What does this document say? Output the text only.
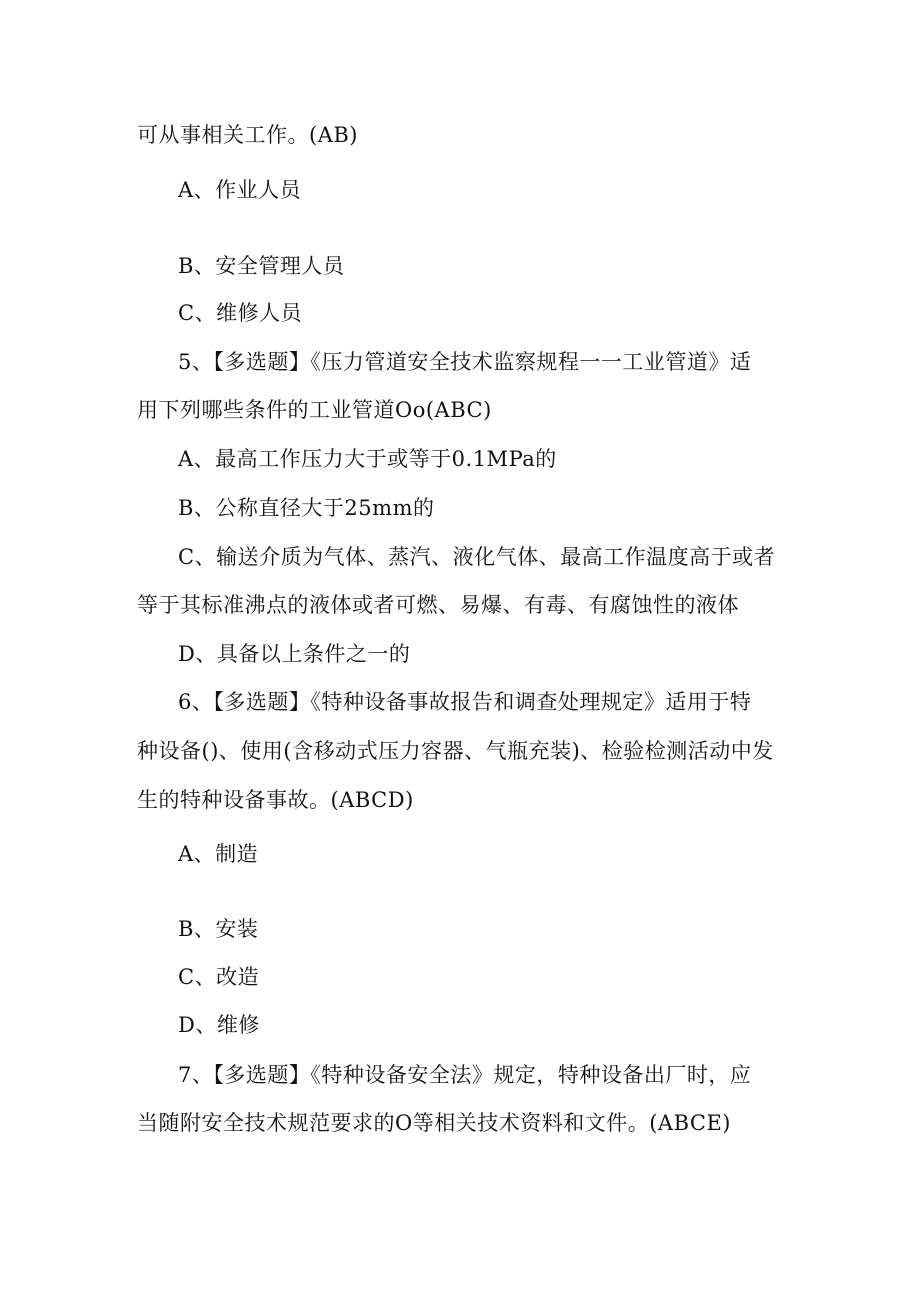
可从事相关工作。(AB)
A、作业人员
B、安全管理人员
C、维修人员
5、【多选题】《压力管道安全技术监察规程一一工业管道》适
用下列哪些条件的工业管道Oo(ABC)
A、最高工作压力大于或等于0.1MPa的
B、公称直径大于25mm的
C、输送介质为气体、蒸汽、液化气体、最高工作温度高于或者
等于其标准沸点的液体或者可燃、易爆、有毒、有腐蚀性的液体
D、具备以上条件之一的
6、【多选题】《特种设备事故报告和调查处理规定》适用于特
种设备()、使用(含移动式压力容器、气瓶充装)、检验检测活动中发
生的特种设备事故。(ABCD)
A、制造
B、安装
C、改造
D、维修
7、【多选题】《特种设备安全法》规定，特种设备出厂时，应
当随附安全技术规范要求的O等相关技术资料和文件。(ABCE)
